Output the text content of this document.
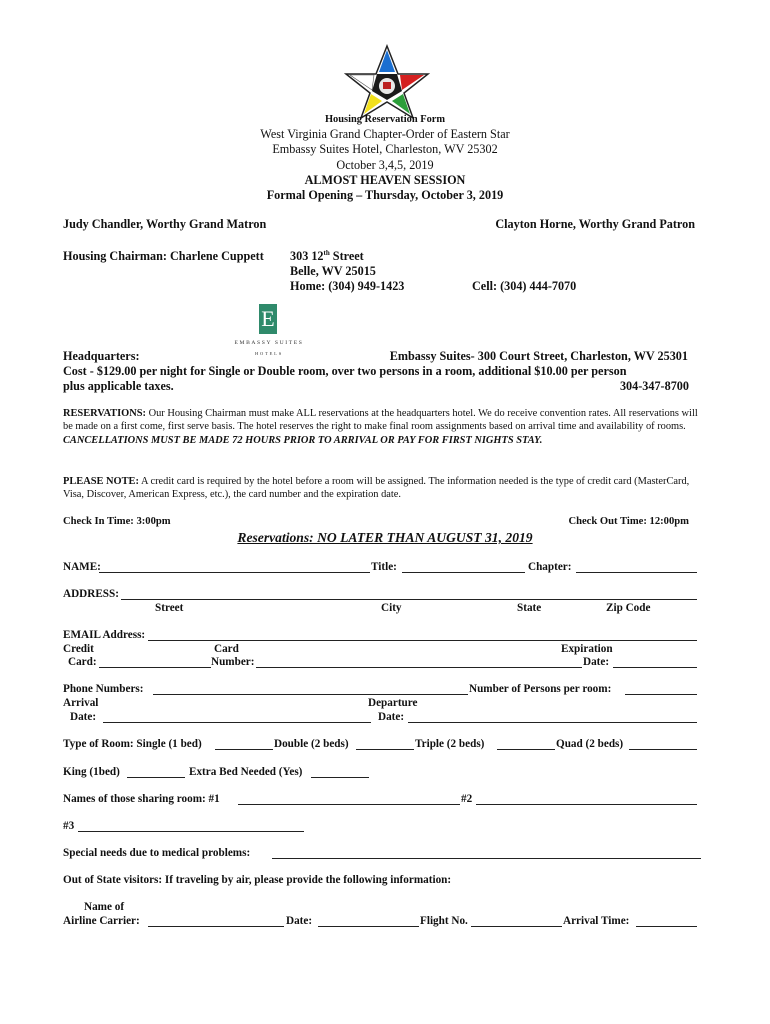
Housing Reservation Form
West Virginia Grand Chapter-Order of Eastern Star
Embassy Suites Hotel, Charleston, WV 25302
October 3,4,5, 2019
ALMOST HEAVEN SESSION
Formal Opening – Thursday, October 3, 2019
Judy Chandler, Worthy Grand Matron	Clayton Horne, Worthy Grand Patron
Housing Chairman: Charlene Cuppett 303 12th Street
Belle, WV 25015
Home: (304) 949-1423	Cell: (304) 444-7070
E
EMBASSY SUITES
HOTELS
Headquarters:	Embassy Suites- 300 Court Street, Charleston, WV 25301
Cost - $129.00 per night for Single or Double room, over two persons in a room, additional $10.00 per person
plus applicable taxes.	304-347-8700
RESERVATIONS: Our Housing Chairman must make ALL reservations at the headquarters hotel. We do receive convention rates. All reservations will be made on a first come, first serve basis. The hotel reserves the right to make final room assignments based on arrival time and availability of rooms. CANCELLATIONS MUST BE MADE 72 HOURS PRIOR TO ARRIVAL OR PAY FOR FIRST NIGHTS STAY.
PLEASE NOTE: A credit card is required by the hotel before a room will be assigned. The information needed is the type of credit card (MasterCard, Visa, Discover, American Express, etc.), the card number and the expiration date.
Check In Time: 3:00pm	Check Out Time: 12:00pm
Reservations: NO LATER THAN AUGUST 31, 2019
NAME:	Title:	Chapter:
ADDRESS:
Street	City	State	Zip Code
EMAIL Address:
Credit	Card	Expiration
Card:	Number:	Date:
Phone Numbers:	Number of Persons per room:
Arrival	Departure
Date:	Date:
Type of Room: Single (1 bed)	Double (2 beds)	Triple (2 beds)	Quad (2 beds)
King (1bed)	Extra Bed Needed (Yes)
Names of those sharing room: #1	#2
#3
Special needs due to medical problems:
Out of State visitors: If traveling by air, please provide the following information:
Name of
Airline Carrier:	Date:	Flight No.	Arrival Time:
